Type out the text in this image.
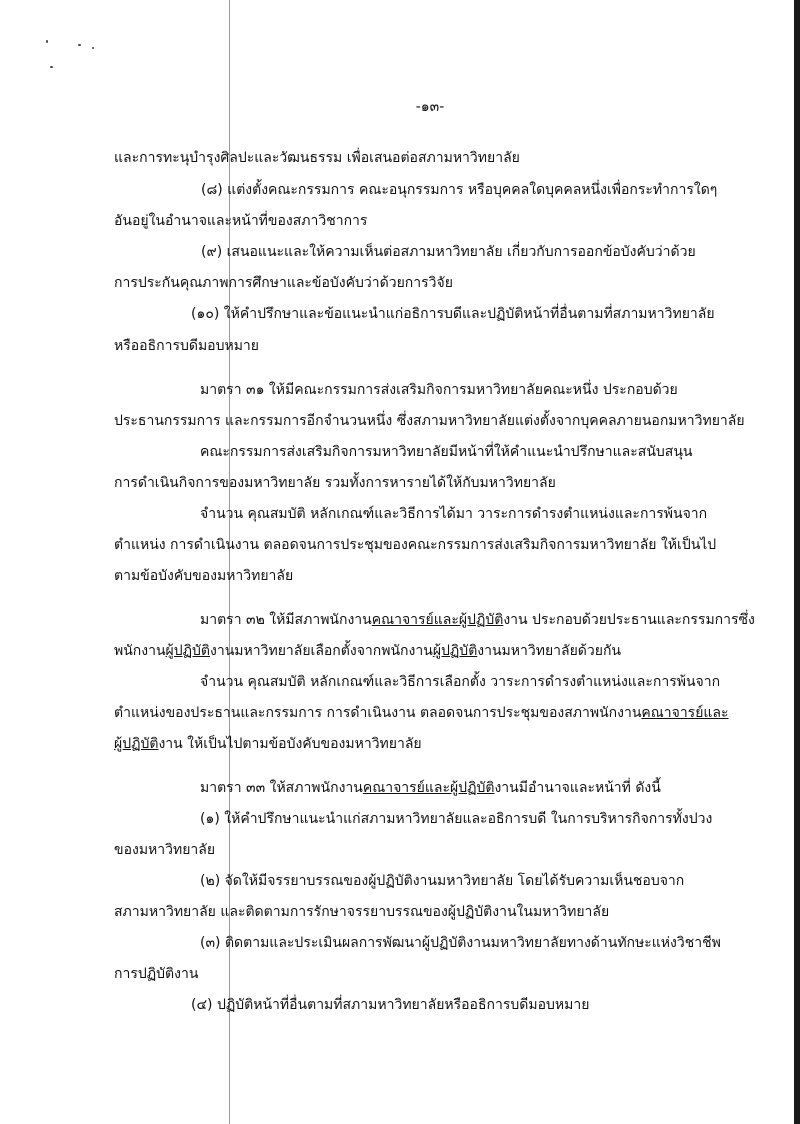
-๑๓-
และการทะนุบำรุงศิลปะและวัฒนธรรม เพื่อเสนอต่อสภามหาวิทยาลัย
(๘) แต่งตั้งคณะกรรมการ คณะอนุกรรมการ หรือบุคคลใดบุคคลหนึ่งเพื่อกระทำการใดๆ
อันอยู่ในอำนาจและหน้าที่ของสภาวิชาการ
(๙) เสนอแนะและให้ความเห็นต่อสภามหาวิทยาลัย เกี่ยวกับการออกข้อบังคับว่าด้วย
การประกันคุณภาพการศึกษาและข้อบังคับว่าด้วยการวิจัย
(๑๐) ให้คำปรึกษาและข้อแนะนำแก่อธิการบดีและปฏิบัติหน้าที่อื่นตามที่สภามหาวิทยาลัย
หรืออธิการบดีมอบหมาย
มาตรา ๓๑ ให้มีคณะกรรมการส่งเสริมกิจการมหาวิทยาลัยคณะหนึ่ง ประกอบด้วย
ประธานกรรมการ และกรรมการอีกจำนวนหนึ่ง ซึ่งสภามหาวิทยาลัยแต่งตั้งจากบุคคลภายนอกมหาวิทยาลัย
คณะกรรมการส่งเสริมกิจการมหาวิทยาลัยมีหน้าที่ให้คำแนะนำปรึกษาและสนับสนุน
การดำเนินกิจการของมหาวิทยาลัย รวมทั้งการหารายได้ให้กับมหาวิทยาลัย
จำนวน คุณสมบัติ หลักเกณฑ์และวิธีการได้มา วาระการดำรงตำแหน่งและการพ้นจาก
ตำแหน่ง การดำเนินงาน ตลอดจนการประชุมของคณะกรรมการส่งเสริมกิจการมหาวิทยาลัย ให้เป็นไป
ตามข้อบังคับของมหาวิทยาลัย
มาตรา ๓๒ ให้มีสภาพนักงานคณาจารย์และผู้ปฏิบัติงาน ประกอบด้วยประธานและกรรมการซึ่ง
พนักงานผู้ปฏิบัติงานมหาวิทยาลัยเลือกตั้งจากพนักงานผู้ปฏิบัติงานมหาวิทยาลัยด้วยกัน
จำนวน คุณสมบัติ หลักเกณฑ์และวิธีการเลือกตั้ง วาระการดำรงตำแหน่งและการพ้นจาก
ตำแหน่งของประธานและกรรมการ การดำเนินงาน ตลอดจนการประชุมของสภาพนักงานคณาจารย์และ
ผู้ปฏิบัติงาน ให้เป็นไปตามข้อบังคับของมหาวิทยาลัย
มาตรา ๓๓ ให้สภาพนักงานคณาจารย์และผู้ปฏิบัติงานมีอำนาจและหน้าที่ ดังนี้
(๑) ให้คำปรึกษาแนะนำแก่สภามหาวิทยาลัยและอธิการบดี ในการบริหารกิจการทั้งปวง
ของมหาวิทยาลัย
(๒) จัดให้มีจรรยาบรรณของผู้ปฏิบัติงานมหาวิทยาลัย โดยได้รับความเห็นชอบจาก
สภามหาวิทยาลัย และติดตามการรักษาจรรยาบรรณของผู้ปฏิบัติงานในมหาวิทยาลัย
(๓) ติดตามและประเมินผลการพัฒนาผู้ปฏิบัติงานมหาวิทยาลัยทางด้านทักษะแห่งวิชาชีพ
การปฏิบัติงาน
(๔) ปฏิบัติหน้าที่อื่นตามที่สภามหาวิทยาลัยหรืออธิการบดีมอบหมาย
